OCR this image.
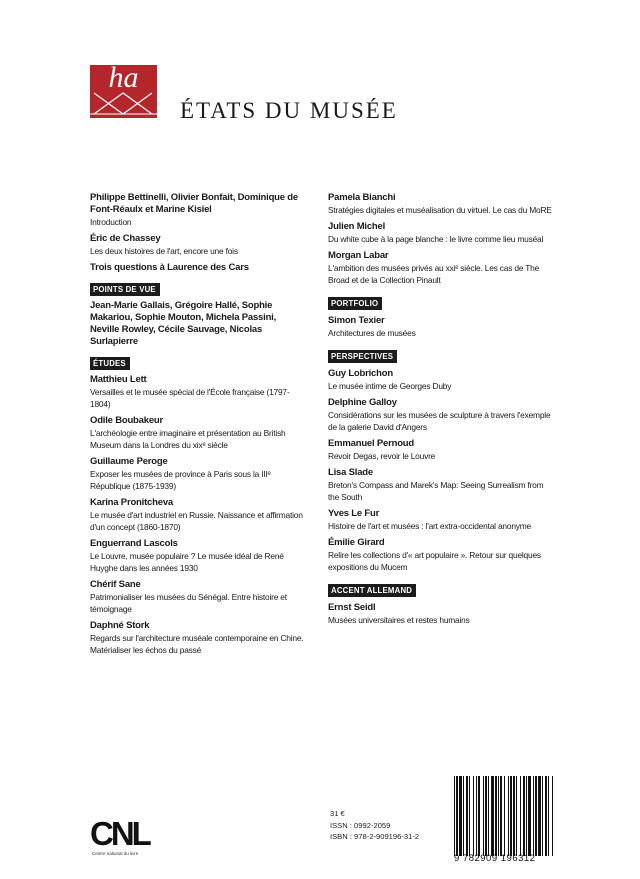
ha
ÉTATS DU MUSÉE
Philippe Bettinelli, Olivier Bonfait, Dominique de Font-Réaulx et Marine Kisiel
Introduction
Éric de Chassey
Les deux histoires de l'art, encore une fois
Trois questions à Laurence des Cars
POINTS DE VUE
Jean-Marie Gallais, Grégoire Hallé, Sophie Makariou, Sophie Mouton, Michela Passini, Neville Rowley, Cécile Sauvage, Nicolas Surlapierre
ÉTUDES
Matthieu Lett
Versailles et le musée spécial de l'École française (1797-1804)
Odile Boubakeur
L'archéologie entre imaginaire et présentation au British Museum dans la Londres du xixᵉ siècle
Guillaume Peroge
Exposer les musées de province à Paris sous la IIIᵉ République (1875-1939)
Karina Pronitcheva
Le musée d'art industriel en Russie. Naissance et affirmation d'un concept (1860-1870)
Enguerrand Lascols
Le Louvre, musée populaire ? Le musée idéal de René Huyghe dans les années 1930
Chérif Sane
Patrimonialiser les musées du Sénégal. Entre histoire et témoignage
Daphné Stork
Regards sur l'architecture muséale contemporaine en Chine. Matérialiser les échos du passé
Pamela Bianchi
Stratégies digitales et muséalisation du virtuel. Le cas du MoRE
Julien Michel
Du white cube à la page blanche : le livre comme lieu muséal
Morgan Labar
L'ambition des musées privés au xxiᵉ siècle. Les cas de The Broad et de la Collection Pinault
PORTFOLIO
Simon Texier
Architectures de musées
PERSPECTIVES
Guy Lobrichon
Le musée intime de Georges Duby
Delphine Galloy
Considérations sur les musées de sculpture à travers l'exemple de la galerie David d'Angers
Emmanuel Pernoud
Revoir Degas, revoir le Louvre
Lisa Slade
Breton's Compass and Marek's Map: Seeing Surrealism from the South
Yves Le Fur
Histoire de l'art et musées : l'art extra-occidental anonyme
Émilie Girard
Relire les collections d'« art populaire ». Retour sur quelques expositions du Mucem
ACCENT ALLEMAND
Ernst Seidl
Musées universitaires et restes humains
CNL
Centre national du livre
31 €
ISSN : 0992-2059
ISBN : 978-2-909196-31-2
9 782909 196312
